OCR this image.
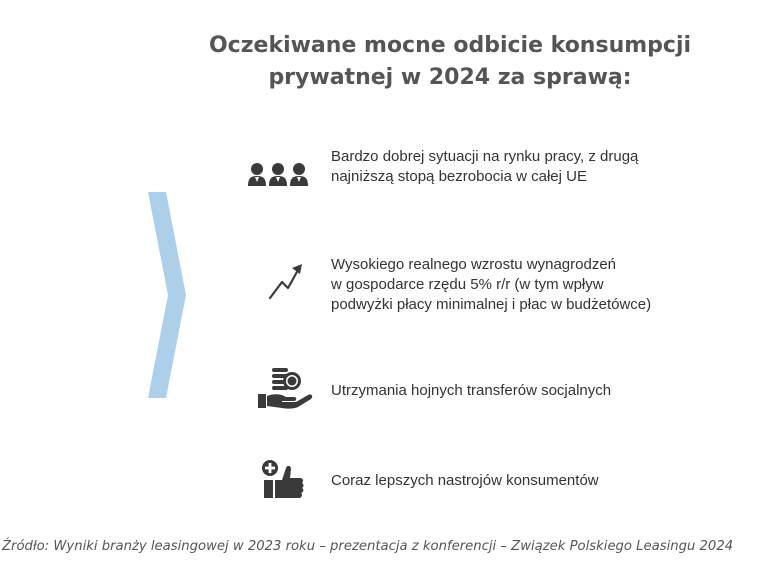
Oczekiwane mocne odbicie konsumpcji
prywatnej w 2024 za sprawą:
Bardzo dobrej sytuacji na rynku pracy, z drugą
najniższą stopą bezrobocia w całej UE
Wysokiego realnego wzrostu wynagrodzeń
w gospodarce rzędu 5% r/r (w tym wpływ
podwyżki płacy minimalnej i płac w budżetówce)
Utrzymania hojnych transferów socjalnych
Coraz lepszych nastrojów konsumentów
Źródło: Wyniki branży leasingowej w 2023 roku – prezentacja z konferencji – Związek Polskiego Leasingu 2024
